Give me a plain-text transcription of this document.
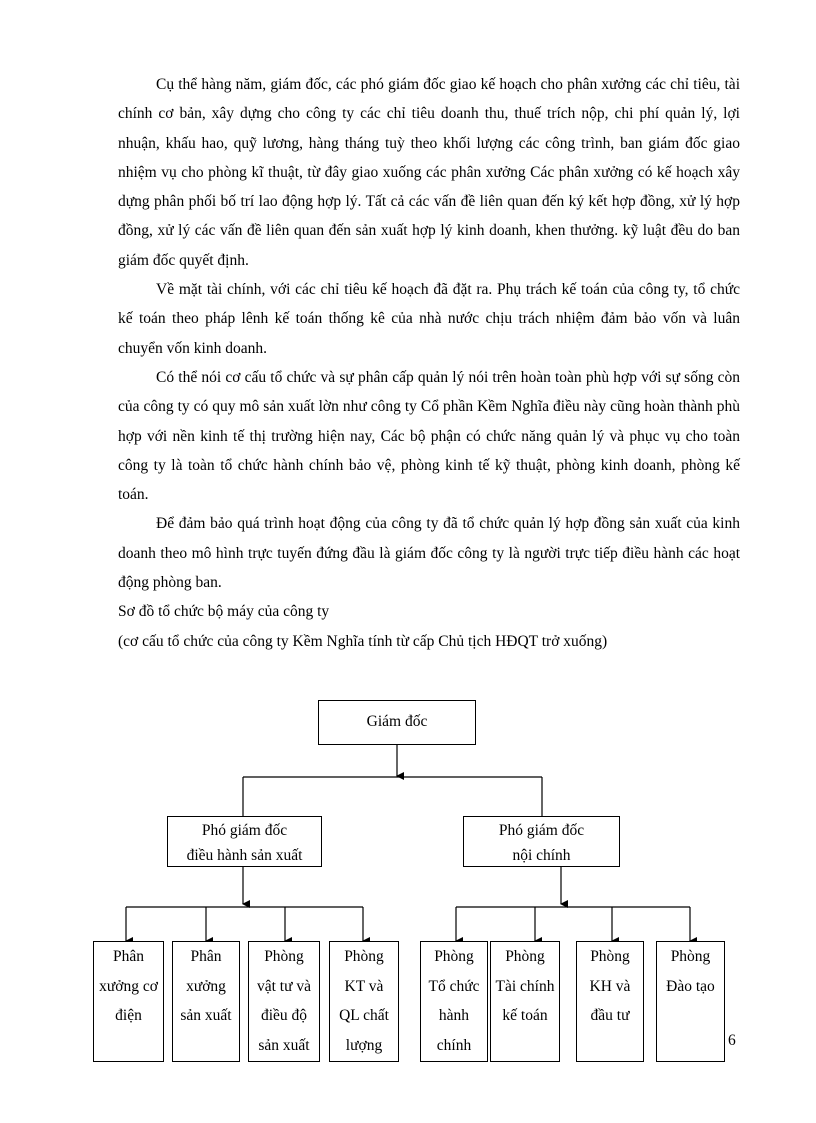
Cụ thể hàng năm, giám đốc, các phó giám đốc giao kế hoạch cho phân xưởng các chỉ tiêu, tài chính cơ bản, xây dựng cho công ty các chỉ tiêu doanh thu, thuế trích nộp, chi phí quản lý, lợi nhuận, khấu hao, quỹ lương, hàng tháng tuỳ theo khối lượng các công trình, ban giám đốc giao nhiệm vụ cho phòng kĩ thuật, từ đây giao xuống các phân xưởng Các phân xưởng có kế hoạch xây dựng phân phối bố trí lao động hợp lý. Tất cả các vấn đề liên quan đến ký kết hợp đồng, xử lý hợp đồng, xử lý các vấn đề liên quan đến sản xuất hợp lý kinh doanh, khen thưởng. kỹ luật đều do ban giám đốc quyết định.

Về mặt tài chính, với các chỉ tiêu kế hoạch đã đặt ra. Phụ trách kế toán của công ty, tổ chức kế toán theo pháp lênh kế toán thống kê của nhà nước chịu trách nhiệm đảm bảo vốn và luân chuyển vốn kinh doanh.

Có thể nói cơ cấu tổ chức và sự phân cấp quản lý nói trên hoàn toàn phù hợp với sự sống còn của công ty có quy mô sản xuất lờn như công ty Cổ phần Kềm Nghĩa điều này cũng hoàn thành phù hợp với nền kinh tế thị trường hiện nay, Các bộ phận có chức năng quản lý và phục vụ cho toàn công ty là toàn tổ chức hành chính bảo vệ, phòng kinh tế kỹ thuật, phòng kinh doanh, phòng kế toán.

Để đảm bảo quá trình hoạt động của công ty đã tổ chức quản lý hợp đồng sản xuất của kinh doanh theo mô hình trực tuyến đứng đầu là giám đốc công ty là người trực tiếp điều hành các hoạt động phòng ban.

Sơ đồ tổ chức bộ máy của công ty

(cơ cấu tổ chức của công ty Kềm Nghĩa tính từ cấp Chủ tịch HĐQT trở xuống)

Giám đốc
Phó giám đốc
điều hành sản xuất
Phó giám đốc
nội chính
Phân
xưởng cơ
điện
Phân
xưởng
sản xuất
Phòng
vật tư và
điều độ
sản xuất
Phòng
KT và
QL chất
lượng
Phòng
Tổ chức
hành
chính
Phòng
Tài chính
kế toán
Phòng
KH và
đầu tư
Phòng
Đào tạo
6
